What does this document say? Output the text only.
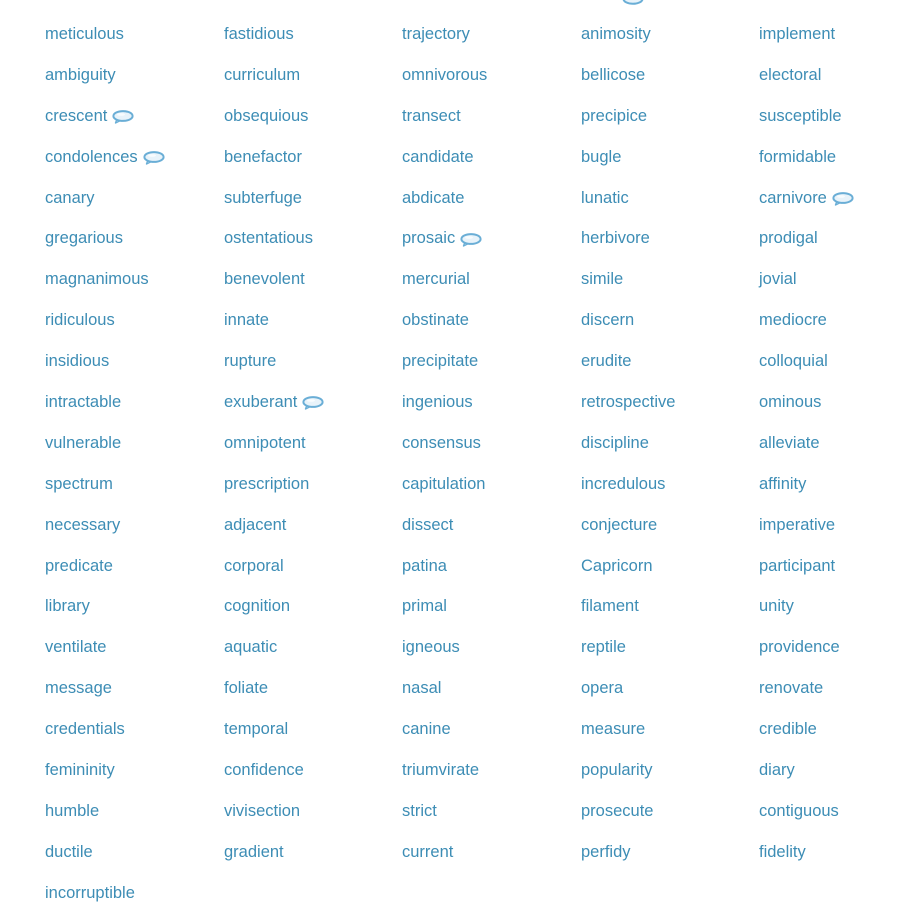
meticulous
ambiguity
crescent
condolences
canary
gregarious
magnanimous
ridiculous
insidious
intractable
vulnerable
spectrum
necessary
predicate
library
ventilate
message
credentials
femininity
humble
ductile
incorruptible
fastidious
curriculum
obsequious
benefactor
subterfuge
ostentatious
benevolent
innate
rupture
exuberant
omnipotent
prescription
adjacent
corporal
cognition
aquatic
foliate
temporal
confidence
vivisection
gradient
trajectory
omnivorous
transect
candidate
abdicate
prosaic
mercurial
obstinate
precipitate
ingenious
consensus
capitulation
dissect
patina
primal
igneous
nasal
canine
triumvirate
strict
current
animosity
bellicose
precipice
bugle
lunatic
herbivore
simile
discern
erudite
retrospective
discipline
incredulous
conjecture
Capricorn
filament
reptile
opera
measure
popularity
prosecute
perfidy
implement
electoral
susceptible
formidable
carnivore
prodigal
jovial
mediocre
colloquial
ominous
alleviate
affinity
imperative
participant
unity
providence
renovate
credible
diary
contiguous
fidelity
